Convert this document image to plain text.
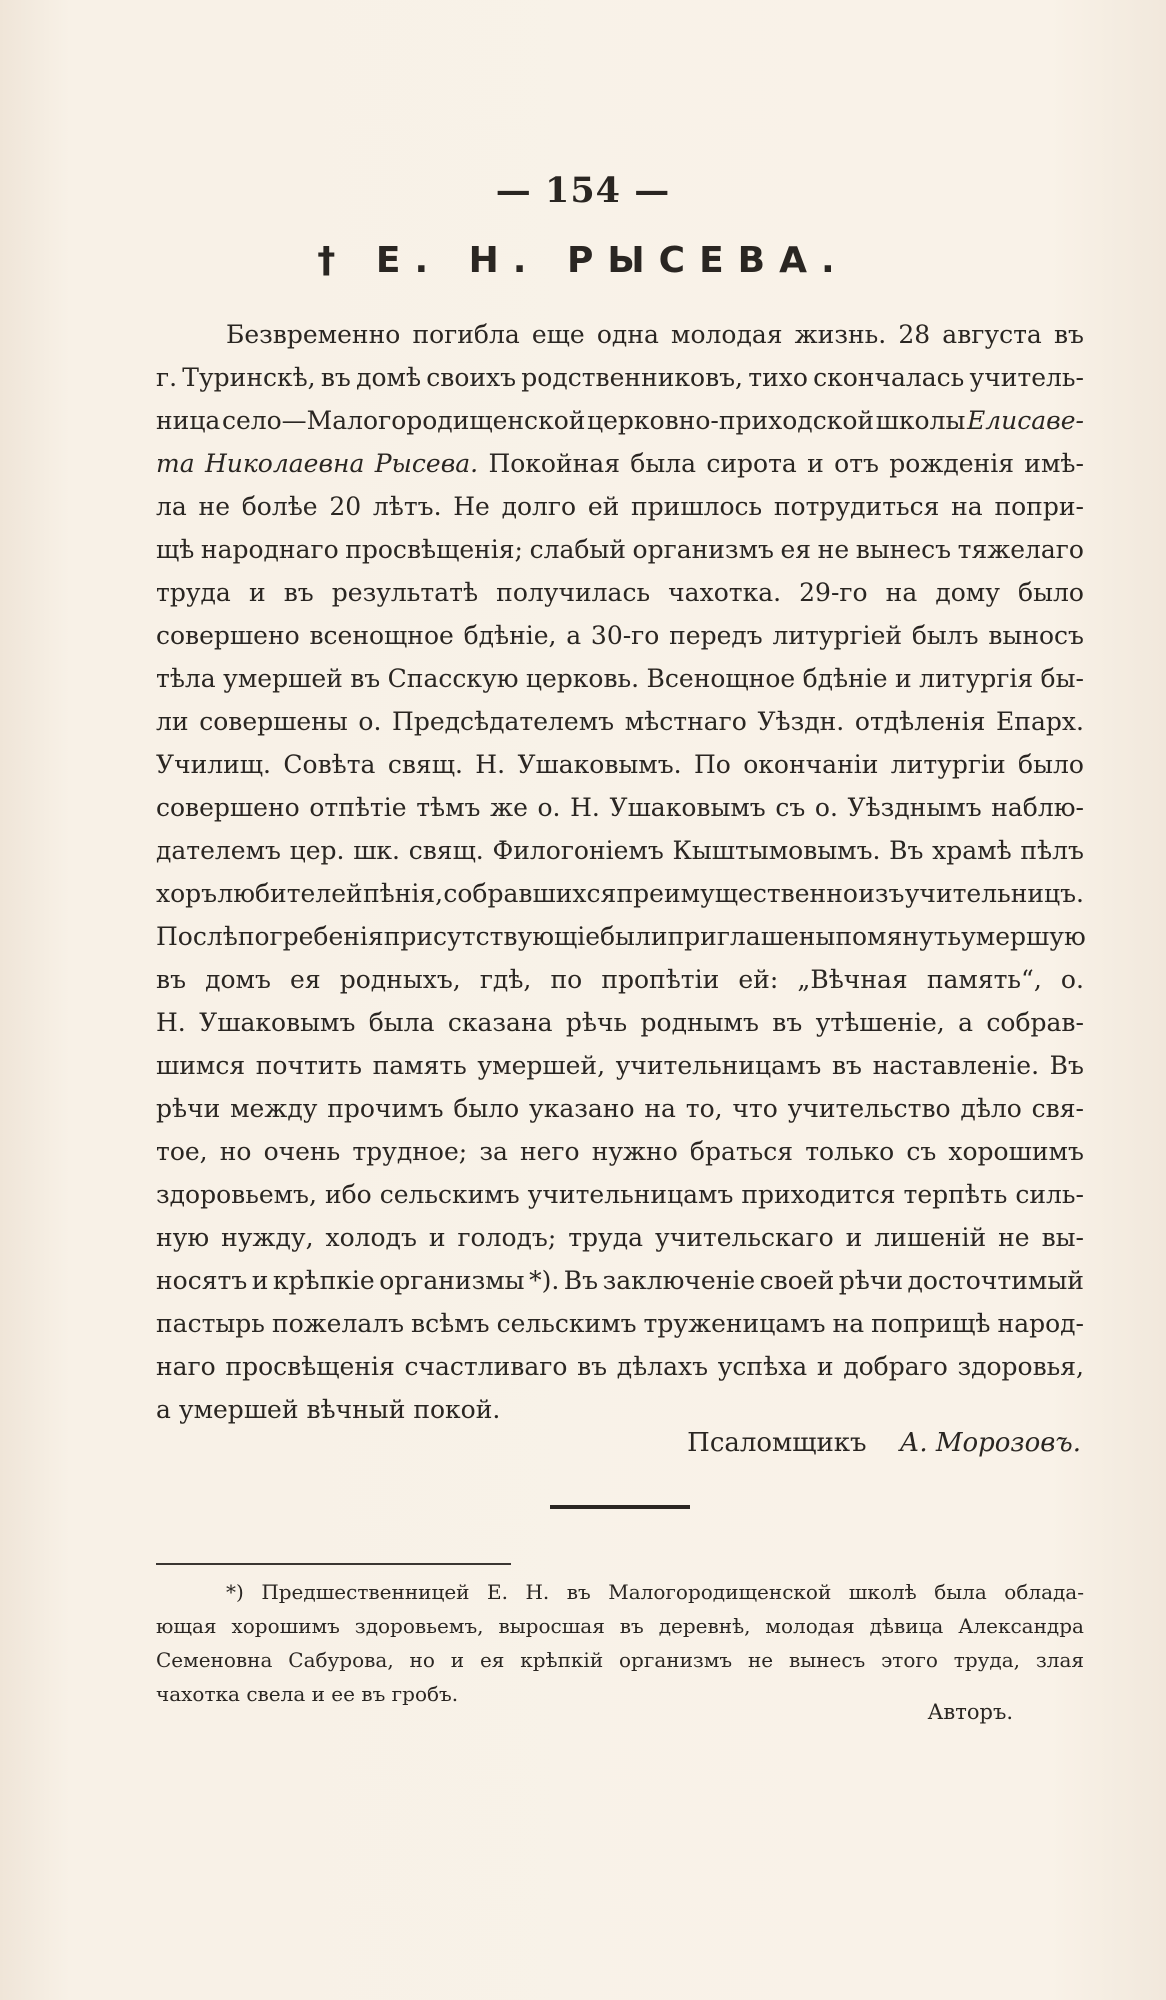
— 154 —
† Е. Н. РЫСЕВА.
Безвременно погибла еще одна молодая жизнь. 28 августа въ
г. Туринскѣ, въ домѣ своихъ родственниковъ, тихо скончалась учитель-
ница село—Малогородищенской церковно-приходской школы Елисаве-
та Николаевна Рысева. Покойная была сирота и отъ рожденія имѣ-
ла не болѣе 20 лѣтъ. Не долго ей пришлось потрудиться на попри-
щѣ народнаго просвѣщенія; слабый организмъ ея не вынесъ тяжелаго
труда и въ результатѣ получилась чахотка. 29-го на дому было
совершено всенощное бдѣніе, а 30-го передъ литургіей былъ выносъ
тѣла умершей въ Спасскую церковь. Всенощное бдѣніе и литургія бы-
ли совершены о. Предсѣдателемъ мѣстнаго Уѣздн. отдѣленія Епарх.
Училищ. Совѣта свящ. Н. Ушаковымъ. По окончаніи литургіи было
совершено отпѣтіе тѣмъ же о. Н. Ушаковымъ съ о. Уѣзднымъ наблю-
дателемъ цер. шк. свящ. Филогоніемъ Кыштымовымъ. Въ храмѣ пѣлъ
хоръ любителей пѣнія, собравшихся преимущественно изъ учительницъ.
Послѣ погребенія присутствующіе были приглашены помянуть умершую
въ домъ ея родныхъ, гдѣ, по пропѣтіи ей: „Вѣчная память“, о.
Н. Ушаковымъ была сказана рѣчь роднымъ въ утѣшеніе, а собрав-
шимся почтить память умершей, учительницамъ въ наставленіе. Въ
рѣчи между прочимъ было указано на то, что учительство дѣло свя-
тое, но очень трудное; за него нужно браться только съ хорошимъ
здоровьемъ, ибо сельскимъ учительницамъ приходится терпѣть силь-
ную нужду, холодъ и голодъ; труда учительскаго и лишеній не вы-
носятъ и крѣпкіе организмы *). Въ заключеніе своей рѣчи досточтимый
пастырь пожелалъ всѣмъ сельскимъ труженицамъ на поприщѣ народ-
наго просвѣщенія счастливаго въ дѣлахъ успѣха и добраго здоровья,
а умершей вѣчный покой.
Псаломщикъ А. Морозовъ.
*) Предшественницей Е. Н. въ Малогородищенской школѣ была облада-
ющая хорошимъ здоровьемъ, выросшая въ деревнѣ, молодая дѣвица Александра
Семеновна Сабурова, но и ея крѣпкій организмъ не вынесъ этого труда, злая
чахотка свела и ее въ гробъ.
Авторъ.
